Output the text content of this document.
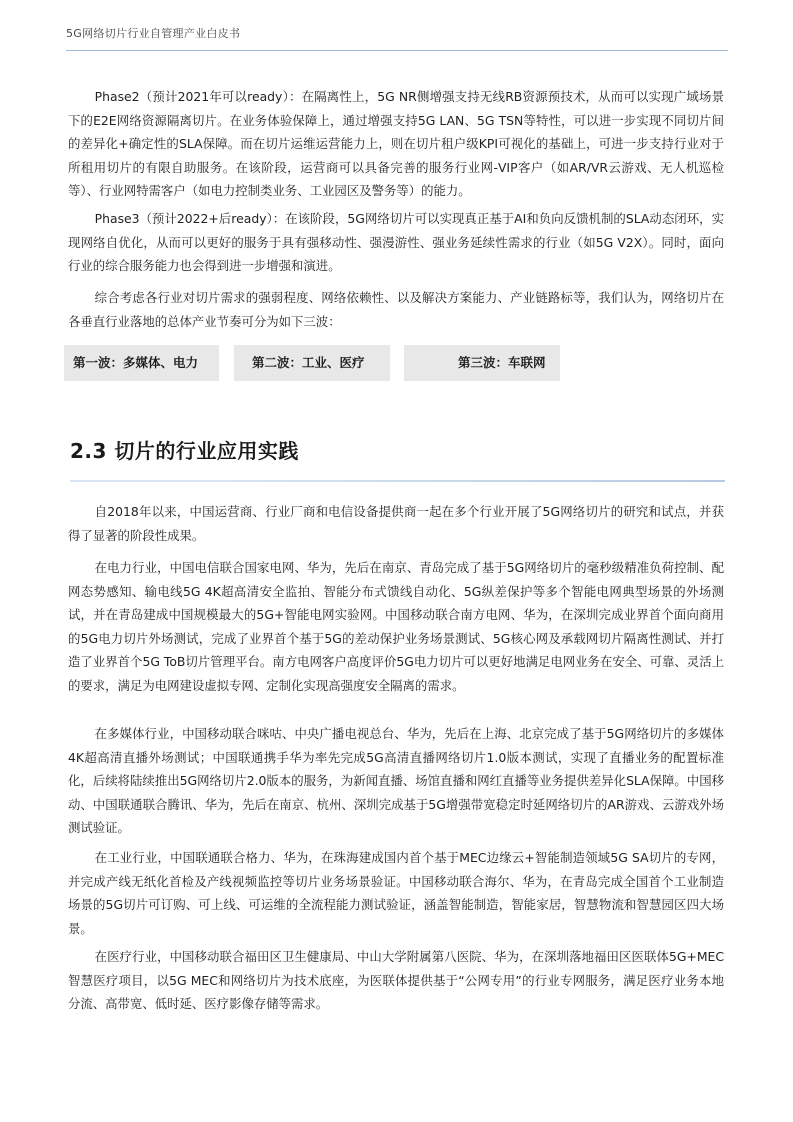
5G网络切片行业自管理产业白皮书

Phase2（预计2021年可以ready）：在隔离性上，5G NR侧增强支持无线RB资源预技术，从而可以实现广域场景下的E2E网络资源隔离切片。在业务体验保障上，通过增强支持5G LAN、5G TSN等特性，可以进一步实现不同切片间的差异化+确定性的SLA保障。而在切片运维运营能力上，则在切片租户级KPI可视化的基础上，可进一步支持行业对于所租用切片的有限自助服务。在该阶段，运营商可以具备完善的服务行业网-VIP客户（如AR/VR云游戏、无人机巡检等）、行业网特需客户（如电力控制类业务、工业园区及警务等）的能力。

Phase3（预计2022+后ready）：在该阶段，5G网络切片可以实现真正基于AI和负向反馈机制的SLA动态闭环，实现网络自优化，从而可以更好的服务于具有强移动性、强漫游性、强业务延续性需求的行业（如5G V2X）。同时，面向行业的综合服务能力也会得到进一步增强和演进。

综合考虑各行业对切片需求的强弱程度、网络依赖性、以及解决方案能力、产业链路标等，我们认为，网络切片在各垂直行业落地的总体产业节奏可分为如下三波：

第一波：多媒体、电力	第二波：工业、医疗	第三波：车联网
2.3 切片的行业应用实践

自2018年以来，中国运营商、行业厂商和电信设备提供商一起在多个行业开展了5G网络切片的研究和试点，并获得了显著的阶段性成果。

在电力行业，中国电信联合国家电网、华为，先后在南京、青岛完成了基于5G网络切片的毫秒级精准负荷控制、配网态势感知、输电线5G 4K超高清安全监拍、智能分布式馈线自动化、5G纵差保护等多个智能电网典型场景的外场测试，并在青岛建成中国规模最大的5G+智能电网实验网。中国移动联合南方电网、华为，在深圳完成业界首个面向商用的5G电力切片外场测试，完成了业界首个基于5G的差动保护业务场景测试、5G核心网及承载网切片隔离性测试、并打造了业界首个5G ToB切片管理平台。南方电网客户高度评价5G电力切片可以更好地满足电网业务在安全、可靠、灵活上的要求，满足为电网建设虚拟专网、定制化实现高强度安全隔离的需求。

在多媒体行业，中国移动联合咪咕、中央广播电视总台、华为，先后在上海、北京完成了基于5G网络切片的多媒体4K超高清直播外场测试；中国联通携手华为率先完成5G高清直播网络切片1.0版本测试，实现了直播业务的配置标准化，后续将陆续推出5G网络切片2.0版本的服务，为新闻直播、场馆直播和网红直播等业务提供差异化SLA保障。中国移动、中国联通联合腾讯、华为，先后在南京、杭州、深圳完成基于5G增强带宽稳定时延网络切片的AR游戏、云游戏外场测试验证。

在工业行业，中国联通联合格力、华为，在珠海建成国内首个基于MEC边缘云+智能制造领域5G SA切片的专网，并完成产线无纸化首检及产线视频监控等切片业务场景验证。中国移动联合海尔、华为，在青岛完成全国首个工业制造场景的5G切片可订购、可上线、可运维的全流程能力测试验证，涵盖智能制造，智能家居，智慧物流和智慧园区四大场景。

在医疗行业，中国移动联合福田区卫生健康局、中山大学附属第八医院、华为，在深圳落地福田区医联体5G+MEC智慧医疗项目，以5G MEC和网络切片为技术底座，为医联体提供基于“公网专用”的行业专网服务，满足医疗业务本地分流、高带宽、低时延、医疗影像存储等需求。
